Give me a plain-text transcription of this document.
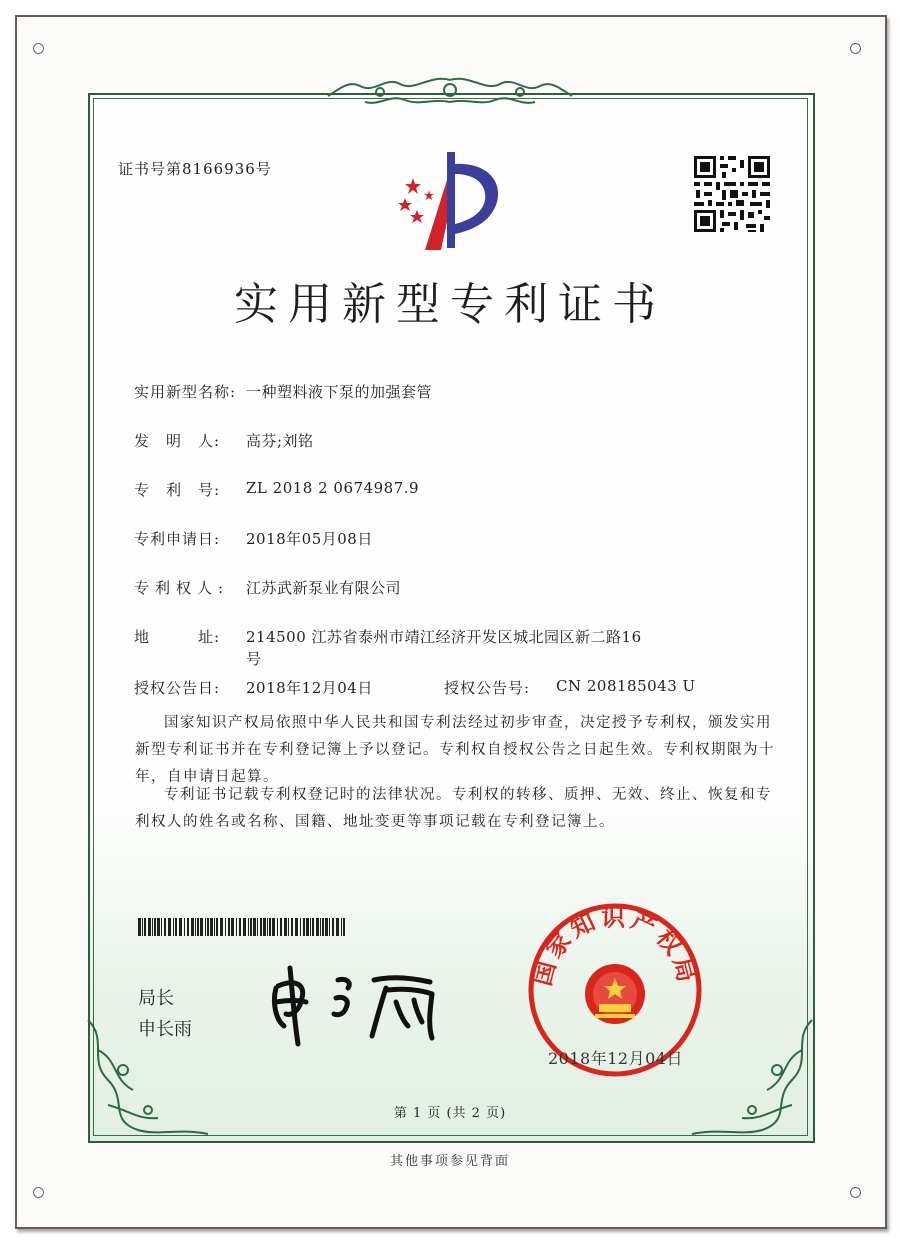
证书号第8166936号
实用新型专利证书
实用新型名称: 一种塑料液下泵的加强套管
发　明　人: 高芬;刘铭
专　利　号: ZL 2018 2 0674987.9
专利申请日: 2018年05月08日
专利权人: 江苏武新泵业有限公司
地　　　址: 214500 江苏省泰州市靖江经济开发区城北园区新二路16
号
授权公告日: 2018年12月04日	授权公告号: CN 208185043 U
国家知识产权局依照中华人民共和国专利法经过初步审查，决定授予专利权，颁发实用新型专利证书并在专利登记簿上予以登记。专利权自授权公告之日起生效。专利权期限为十年，自申请日起算。
专利证书记载专利权登记时的法律状况。专利权的转移、质押、无效、终止、恢复和专利权人的姓名或名称、国籍、地址变更等事项记载在专利登记簿上。
局长
申长雨
国家知识产权局
2018年12月04日
第 1 页 (共 2 页)
